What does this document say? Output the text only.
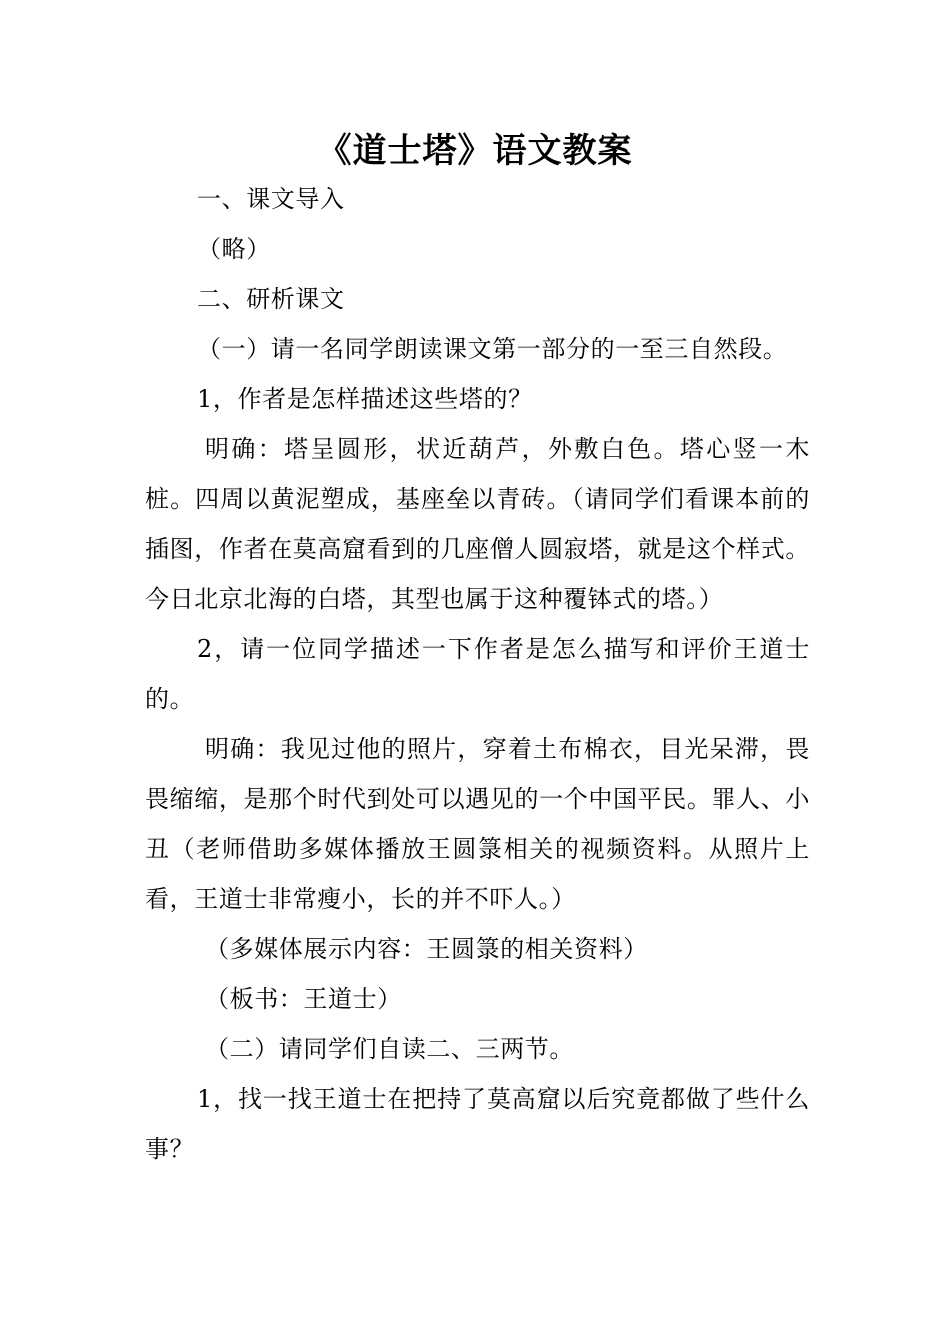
《道士塔》语文教案

一、课文导入

（略）

二、研析课文

（一）请一名同学朗读课文第一部分的一至三自然段。

1，作者是怎样描述这些塔的？

明确：塔呈圆形，状近葫芦，外敷白色。塔心竖一木桩。四周以黄泥塑成，基座垒以青砖。（请同学们看课本前的插图，作者在莫高窟看到的几座僧人圆寂塔，就是这个样式。今日北京北海的白塔，其型也属于这种覆钵式的塔。）

2，请一位同学描述一下作者是怎么描写和评价王道士的。

明确：我见过他的照片，穿着土布棉衣，目光呆滞，畏畏缩缩，是那个时代到处可以遇见的一个中国平民。罪人、小丑（老师借助多媒体播放王圆箓相关的视频资料。从照片上看，王道士非常瘦小，长的并不吓人。）

（多媒体展示内容：王圆箓的相关资料）

（板书：王道士）

（二）请同学们自读二、三两节。

1，找一找王道士在把持了莫高窟以后究竟都做了些什么事？
